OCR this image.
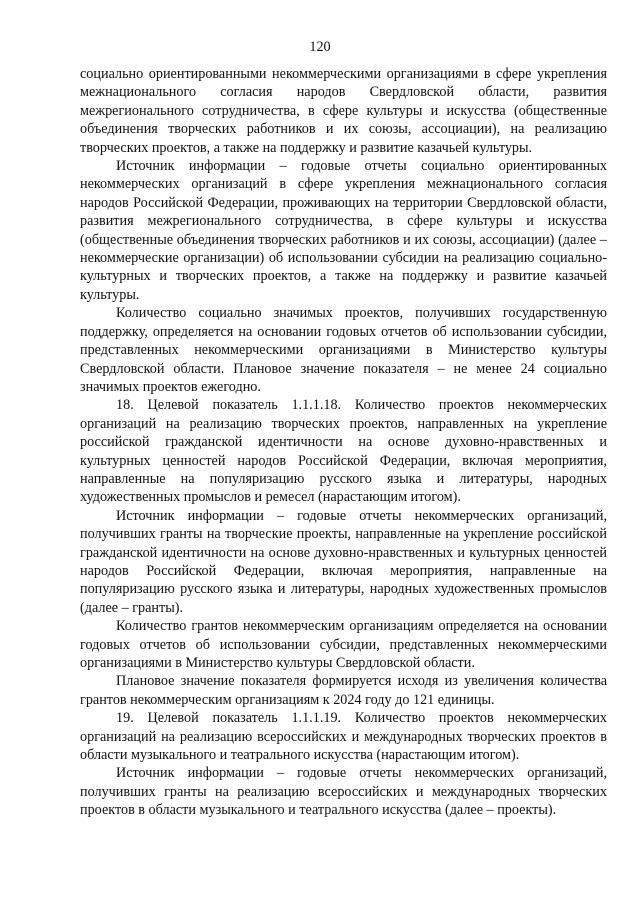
120

социально ориентированными некоммерческими организациями в сфере укрепления межнационального согласия народов Свердловской области, развития межрегионального сотрудничества, в сфере культуры и искусства (общественные объединения творческих работников и их союзы, ассоциации), на реализацию творческих проектов, а также на поддержку и развитие казачьей культуры.

Источник информации – годовые отчеты социально ориентированных некоммерческих организаций в сфере укрепления межнационального согласия народов Российской Федерации, проживающих на территории Свердловской области, развития межрегионального сотрудничества, в сфере культуры и искусства (общественные объединения творческих работников и их союзы, ассоциации) (далее – некоммерческие организации) об использовании субсидии на реализацию социально-культурных и творческих проектов, а также на поддержку и развитие казачьей культуры.

Количество социально значимых проектов, получивших государственную поддержку, определяется на основании годовых отчетов об использовании субсидии, представленных некоммерческими организациями в Министерство культуры Свердловской области. Плановое значение показателя – не менее 24 социально значимых проектов ежегодно.

18. Целевой показатель 1.1.1.18. Количество проектов некоммерческих организаций на реализацию творческих проектов, направленных на укрепление российской гражданской идентичности на основе духовно-нравственных и культурных ценностей народов Российской Федерации, включая мероприятия, направленные на популяризацию русского языка и литературы, народных художественных промыслов и ремесел (нарастающим итогом).

Источник информации – годовые отчеты некоммерческих организаций, получивших гранты на творческие проекты, направленные на укрепление российской гражданской идентичности на основе духовно-нравственных и культурных ценностей народов Российской Федерации, включая мероприятия, направленные на популяризацию русского языка и литературы, народных художественных промыслов (далее – гранты).

Количество грантов некоммерческим организациям определяется на основании годовых отчетов об использовании субсидии, представленных некоммерческими организациями в Министерство культуры Свердловской области.

Плановое значение показателя формируется исходя из увеличения количества грантов некоммерческим организациям к 2024 году до 121 единицы.

19. Целевой показатель 1.1.1.19. Количество проектов некоммерческих организаций на реализацию всероссийских и международных творческих проектов в области музыкального и театрального искусства (нарастающим итогом).

Источник информации – годовые отчеты некоммерческих организаций, получивших гранты на реализацию всероссийских и международных творческих проектов в области музыкального и театрального искусства (далее – проекты).
